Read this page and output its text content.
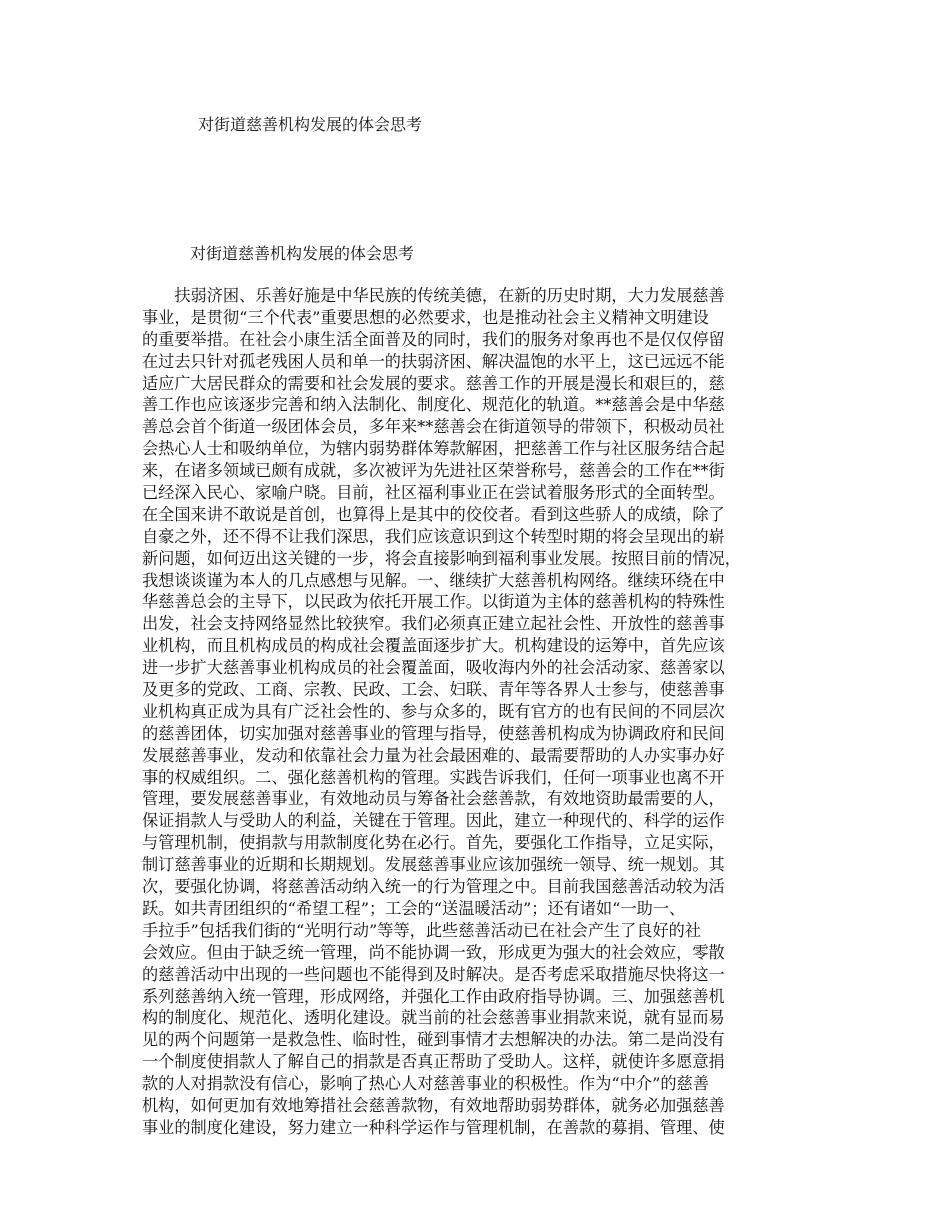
对街道慈善机构发展的体会思考
对街道慈善机构发展的体会思考
　　扶弱济困、乐善好施是中华民族的传统美德，在新的历史时期，大力发展慈善
事业，是贯彻“三个代表”重要思想的必然要求，也是推动社会主义精神文明建设
的重要举措。在社会小康生活全面普及的同时，我们的服务对象再也不是仅仅停留
在过去只针对孤老残困人员和单一的扶弱济困、解决温饱的水平上，这已远远不能
适应广大居民群众的需要和社会发展的要求。慈善工作的开展是漫长和艰巨的，慈
善工作也应该逐步完善和纳入法制化、制度化、规范化的轨道。**慈善会是中华慈
善总会首个街道一级团体会员，多年来**慈善会在街道领导的带领下，积极动员社
会热心人士和吸纳单位，为辖内弱势群体筹款解困，把慈善工作与社区服务结合起
来，在诸多领域已颇有成就，多次被评为先进社区荣誉称号，慈善会的工作在**街
已经深入民心、家喻户晓。目前，社区福利事业正在尝试着服务形式的全面转型。
在全国来讲不敢说是首创，也算得上是其中的佼佼者。看到这些骄人的成绩，除了
自豪之外，还不得不让我们深思，我们应该意识到这个转型时期的将会呈现出的崭
新问题，如何迈出这关键的一步，将会直接影响到福利事业发展。按照目前的情况，
我想谈谈谨为本人的几点感想与见解。一、继续扩大慈善机构网络。继续环绕在中
华慈善总会的主导下，以民政为依托开展工作。以街道为主体的慈善机构的特殊性
出发，社会支持网络显然比较狭窄。我们必须真正建立起社会性、开放性的慈善事
业机构，而且机构成员的构成社会覆盖面逐步扩大。机构建设的运筹中，首先应该
进一步扩大慈善事业机构成员的社会覆盖面，吸收海内外的社会活动家、慈善家以
及更多的党政、工商、宗教、民政、工会、妇联、青年等各界人士参与，使慈善事
业机构真正成为具有广泛社会性的、参与众多的，既有官方的也有民间的不同层次
的慈善团体，切实加强对慈善事业的管理与指导，使慈善机构成为协调政府和民间
发展慈善事业，发动和依靠社会力量为社会最困难的、最需要帮助的人办实事办好
事的权威组织。二、强化慈善机构的管理。实践告诉我们，任何一项事业也离不开
管理，要发展慈善事业，有效地动员与筹备社会慈善款，有效地资助最需要的人，
保证捐款人与受助人的利益，关键在于管理。因此，建立一种现代的、科学的运作
与管理机制，使捐款与用款制度化势在必行。首先，要强化工作指导，立足实际，
制订慈善事业的近期和长期规划。发展慈善事业应该加强统一领导、统一规划。其
次，要强化协调，将慈善活动纳入统一的行为管理之中。目前我国慈善活动较为活
跃。如共青团组织的“希望工程”；工会的“送温暖活动”；还有诸如“一助一、
手拉手”包括我们街的“光明行动”等等，此些慈善活动已在社会产生了良好的社
会效应。但由于缺乏统一管理，尚不能协调一致，形成更为强大的社会效应，零散
的慈善活动中出现的一些问题也不能得到及时解决。是否考虑采取措施尽快将这一
系列慈善纳入统一管理，形成网络，并强化工作由政府指导协调。三、加强慈善机
构的制度化、规范化、透明化建设。就当前的社会慈善事业捐款来说，就有显而易
见的两个问题第一是救急性、临时性，碰到事情才去想解决的办法。第二是尚没有
一个制度使捐款人了解自己的捐款是否真正帮助了受助人。这样，就使许多愿意捐
款的人对捐款没有信心，影响了热心人对慈善事业的积极性。作为“中介”的慈善
机构，如何更加有效地筹措社会慈善款物，有效地帮助弱势群体，就务必加强慈善
事业的制度化建设，努力建立一种科学运作与管理机制，在善款的募捐、管理、使
